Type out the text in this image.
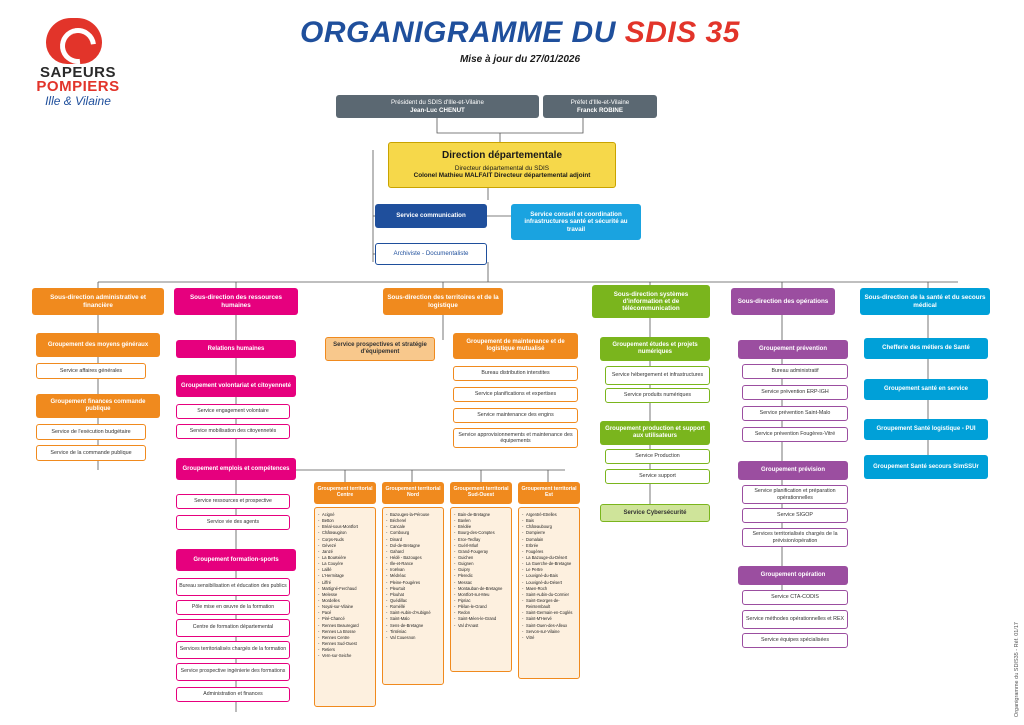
SAPEURS
POMPIERS
Ille & Vilaine
ORGANIGRAMME DU SDIS 35
Mise à jour du 27/01/2026
Organigramme du SDIS35 - Réf. 01/17
Président du SDIS d'Ille-et-Vilaine
Jean-Luc CHENUT
Préfet d'Ille-et-Vilaine
Franck ROBINE
Direction départementale
Directeur départemental du SDIS
Colonel Mathieu MALFAIT Directeur départemental adjoint
Service communication	Service conseil et coordination infrastructures santé et sécurité au travail
Archiviste - Documentaliste
Sous-direction administrative et financière
Groupement des moyens généraux
Service affaires générales
Groupement finances commande publique
Service de l'exécution budgétaire
Service de la commande publique
Sous-direction des ressources humaines
Relations humaines
Groupement volontariat et citoyenneté
Service engagement volontaire
Service mobilisation des citoyennetés
Groupement emplois et compétences
Service ressources et prospective
Service vie des agents
Groupement formation-sports
Bureau sensibilisation et éducation des publics
Pôle mise en œuvre de la formation
Centre de formation départemental
Services territorialisés chargés de la formation
Service prospective ingénierie des formations
Administration et finances
Sous-direction des territoires et de la logistique
Service prospectives et stratégie d'équipement
Groupement de maintenance et de logistique mutualisé
Bureau distribution interstites
Service planifications et expertises
Service maintenance des engins
Service approvisionnements et maintenance des équipements
Groupement territorial Centre
- Acigné
- Betton
- Bréal-sous-Montfort
- Châteaugiron
- Corps-Nuds
- Gévezé
- Janzé
- La Bouëxière
- La Couyère
- Laillé
- L'Hermitage
- Liffré
- Martigné-Ferchaud
- Melesse
- Mordelles
- Noyal-sur-Vilaine
- Pacé
- Piré-Chancé
- Rennes Beauregard
- Rennes La Brosse
- Rennes Centre
- Rennes Sud-Ouest
- Retiers
- Vern-sur-Seiche
Groupement territorial Nord
- Bazouges-la-Pérouse
- Bécherel
- Cancale
- Combourg
- Dinard
- Dol-de-Bretagne
- Gahard
- Hédé - Bazouges
- Ille-et-Rance
- Iroëlvan
- Médréac
- Pleine-Fougères
- Pleurtuit
- Plouhat
- Quédillac
- Roméllé
- Saint-Aubin-d'Aubigné
- Saint-Malo
- Sens-de-Bretagne
- Tinténiac
- Val Couesnon
Groupement territorial Sud-Ouest
- Bain-de-Bretagne
- Bavlen
- Brédée
- Bourg-des-Comptes
- Erce-Tecllay
- Guérl-Mlurl
- Grand-Fougeray
- Guichen
- Guignen
- Guipry
- Pleredic
- Messac
- Montauban-de-Bretagne
- Montfort-sur-Meu
- Pipriac
- Plélan-le-Grand
- Redon
- Saint-Méen-le-Grand
- Val d'Anast
Groupement territorial Est
- Argentré-Etrelles
- Bais
- Châteaubourg
- Dompierre
- Domalain
- Erbrée
- Fougères
- La Bazouge-du-Désert
- La Guerche-de-Bretagne
- Le Pertre
- Louvigné-du-Bais
- Louvigné-du-Désert
- Maen-Roch
- Saint-Aubin-du-Cormier
- Saint-Georges-de-Reintembault
- Saint-Germain-en-Coglès
- Saint-M'Hervé
- Saint-Ouen-des-Alleux
- Servon-sur-Vilaine
- Vitré
Sous-direction systèmes d'information et de télécommunication
Groupement études et projets numériques
Service hébergement et infrastructures
Service produits numériques
Groupement production et support aux utilisateurs
Service Production
Service support
Service Cybersécurité
Sous-direction des opérations
Groupement prévention
Bureau administratif
Service prévention ERP-IGH
Service prévention Saint-Malo
Service prévention Fougères-Vitré
Groupement prévision
Service planification et préparation opérationnelles
Service SIGOP
Services territorialisés chargés de la prévision/opération
Groupement opération
Service CTA-CODIS
Service méthodes opérationnelles et REX
Service équipes spécialisées
Sous-direction de la santé et du secours médical
Chefferie des métiers de Santé
Groupement santé en service
Groupement Santé logistique - PUI
Groupement Santé secours SimSSUr
